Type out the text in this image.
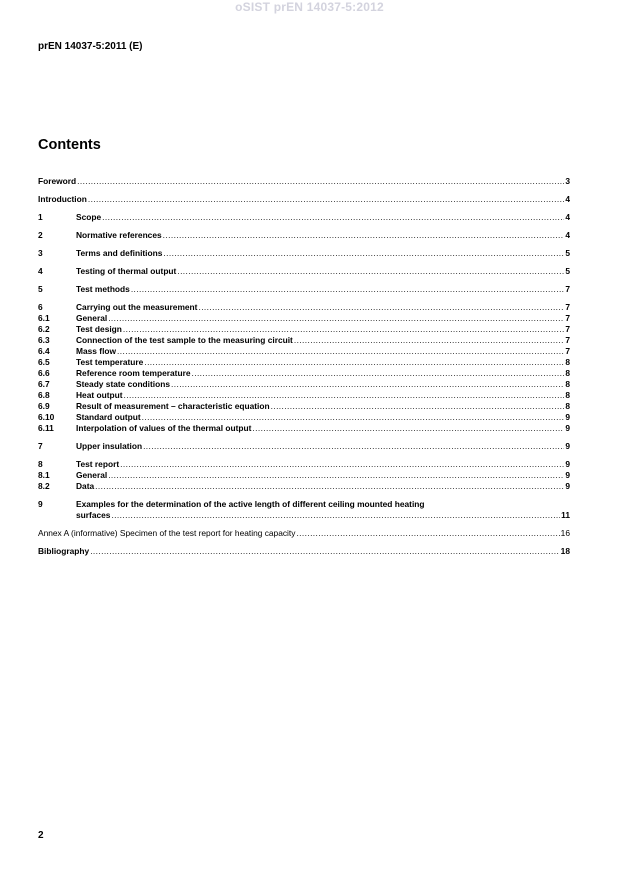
oSIST prEN 14037-5:2012
prEN 14037-5:2011 (E)
Contents
Foreword .....	3
Introduction .....	4
1	Scope .....	4
2	Normative references .....	4
3	Terms and definitions .....	5
4	Testing of thermal output .....	5
5	Test methods .....	7
6	Carrying out the measurement .....	7
6.1	General .....	7
6.2	Test design .....	7
6.3	Connection of the test sample to the measuring circuit .....	7
6.4	Mass flow .....	7
6.5	Test temperature .....	8
6.6	Reference room temperature .....	8
6.7	Steady state conditions .....	8
6.8	Heat output .....	8
6.9	Result of measurement – characteristic equation .....	8
6.10	Standard output .....	9
6.11	Interpolation of values of the thermal output .....	9
7	Upper insulation .....	9
8	Test report .....	9
8.1	General .....	9
8.2	Data .....	9
9	Examples for the determination of the active length of different ceiling mounted heating
surfaces .....	11
Annex A (informative) Specimen of the test report for heating capacity .....	16
Bibliography .....	18
2
